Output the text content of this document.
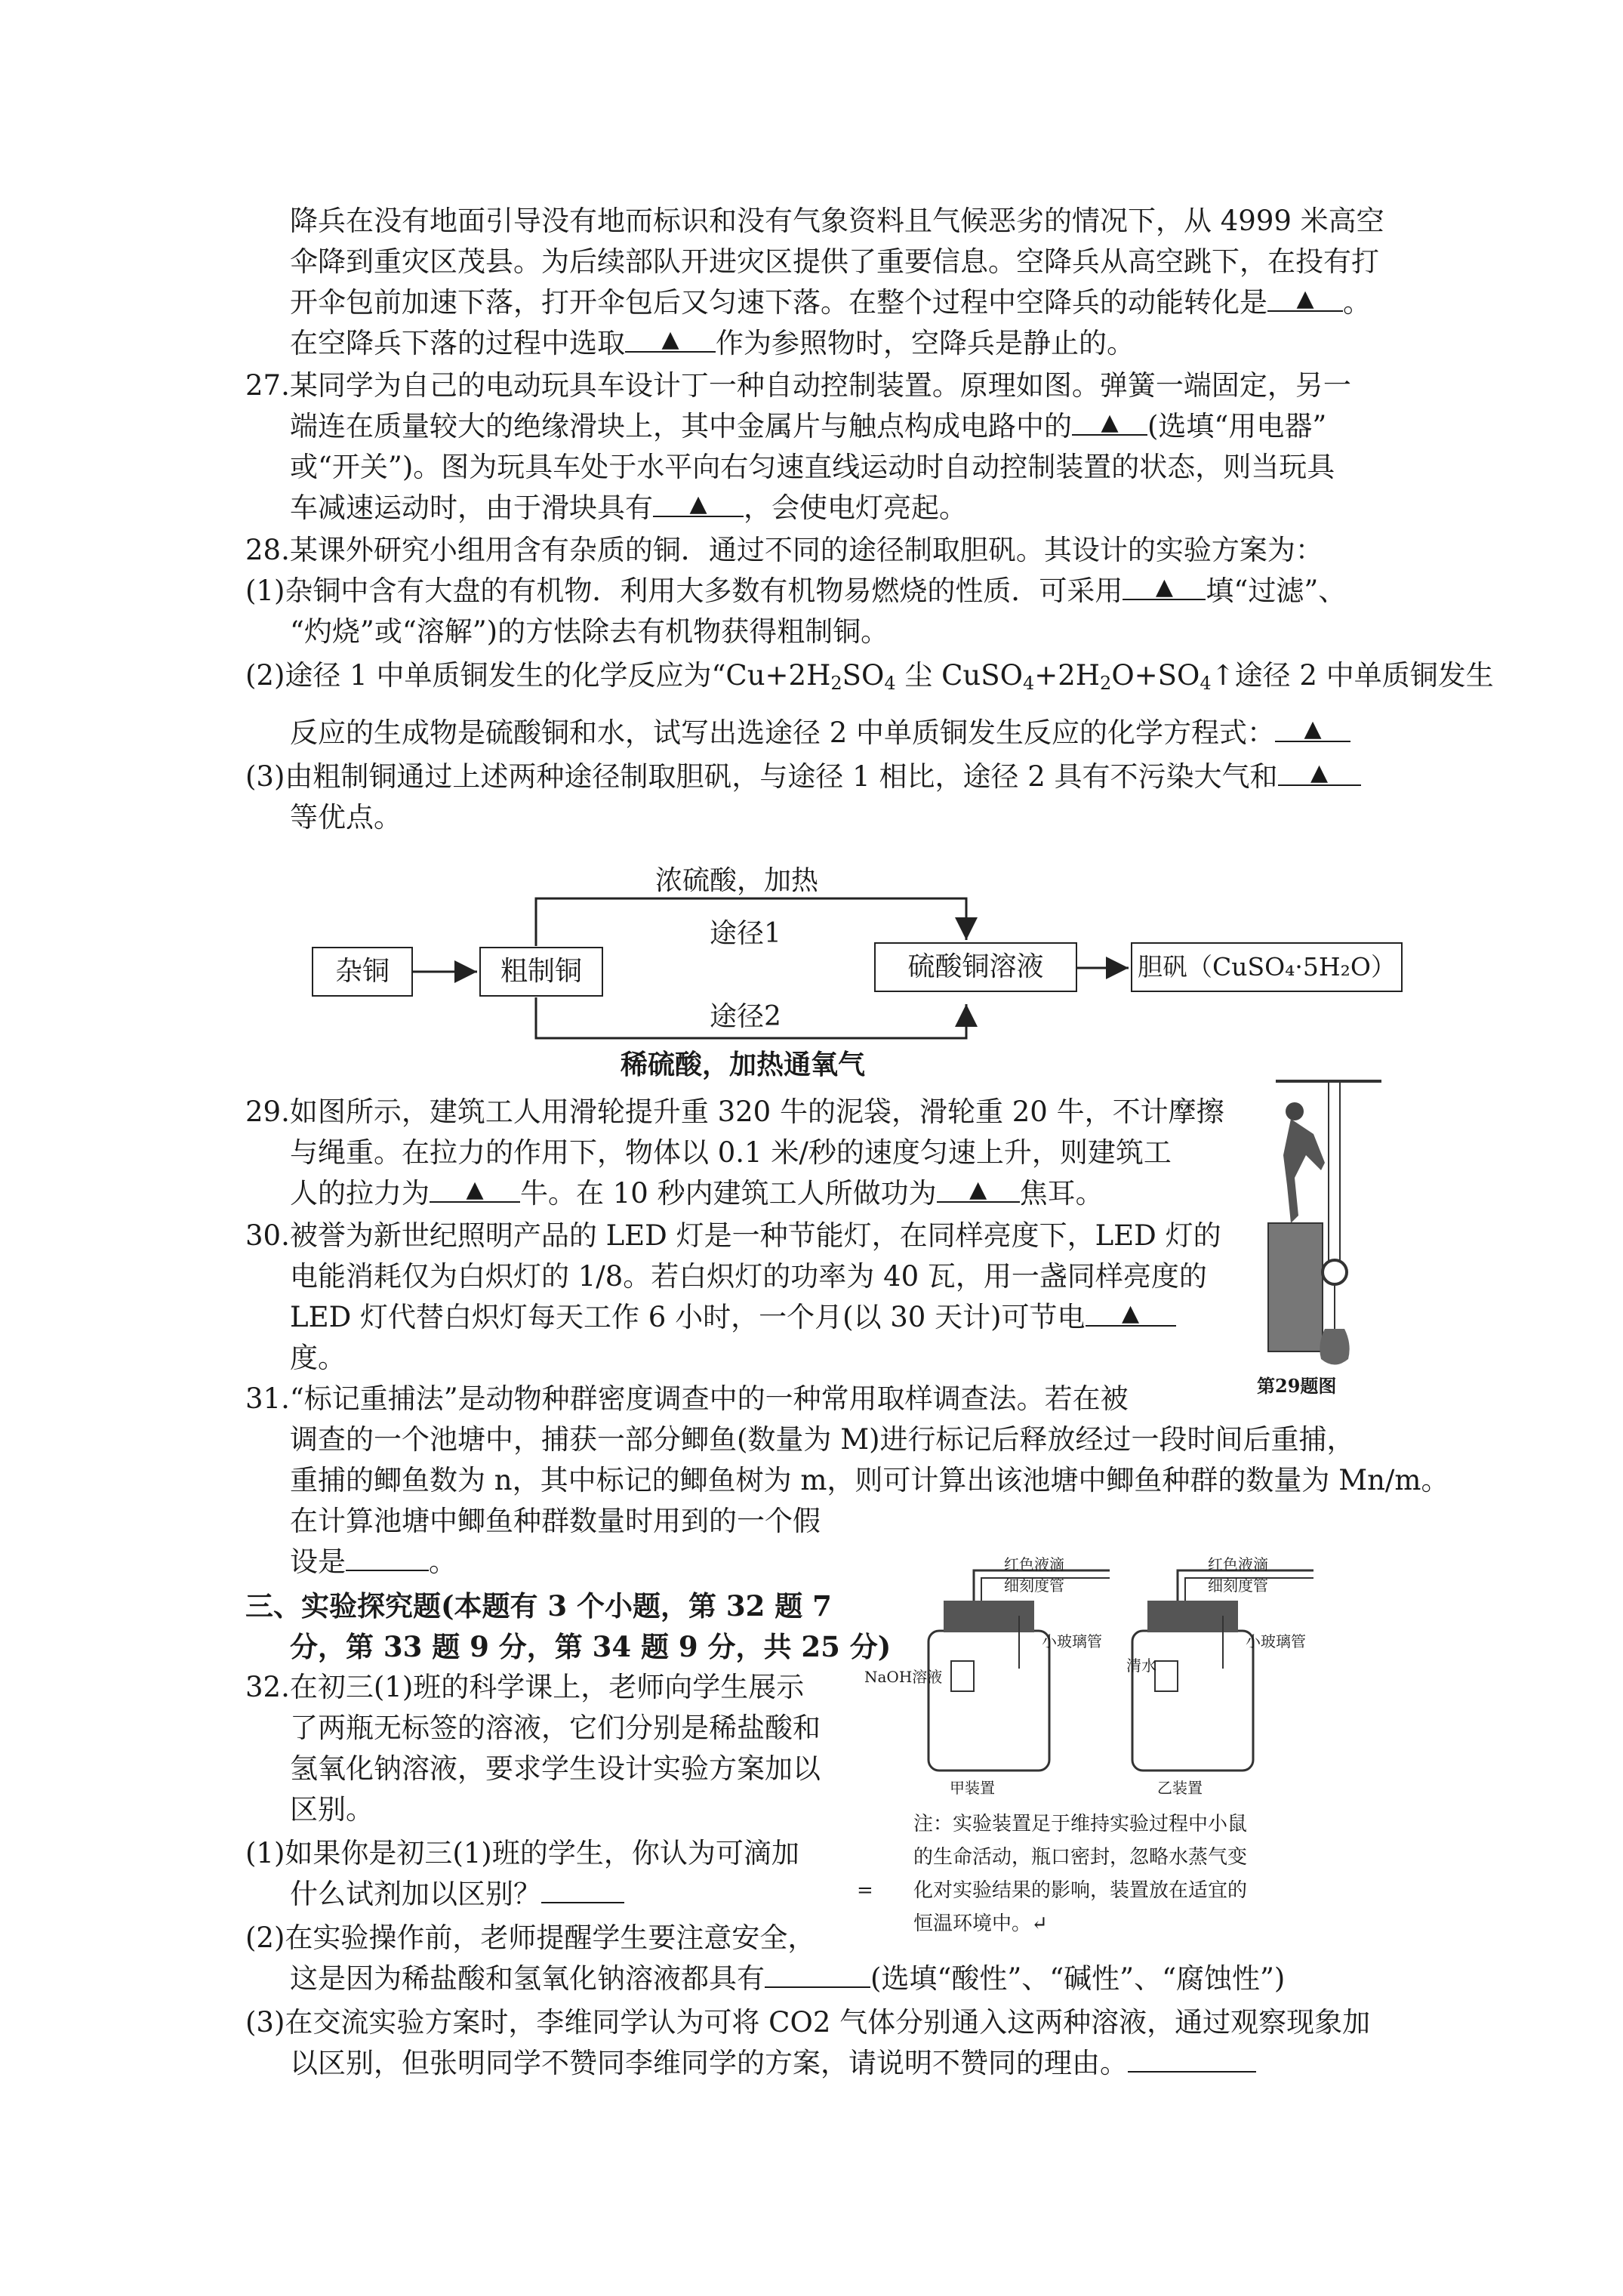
降兵在没有地面引导没有地而标识和没有气象资料且气候恶劣的情况下，从 4999 米高空
伞降到重灾区茂县。为后续部队开进灾区提供了重要信息。空降兵从高空跳下，在投有打
开伞包前加速下落，打开伞包后又匀速下落。在整个过程中空降兵的动能转化是	▲	。
在空降兵下落的过程中选取	▲	作为参照物时，空降兵是静止的。
27.某同学为自己的电动玩具车设计丁一种自动控制装置。原理如图。弹簧一端固定，另一
端连在质量较大的绝缘滑块上，其中金属片与触点构成电路中的	▲	(选填“用电器”
或“开关”)。图为玩具车处于水平向右匀速直线运动时自动控制装置的状态，则当玩具
车减速运动时，由于滑块具有	▲	，会使电灯亮起。
28.某课外研究小组用含有杂质的铜．通过不同的途径制取胆矾。其设计的实验方案为：
(1)杂铜中含有大盘的有机物．利用大多数有机物易燃烧的性质．可采用	▲	填“过滤”、
“灼烧”或“溶解”)的方怯除去有机物获得粗制铜。
(2)途径 1 中单质铜发生的化学反应为“$Cu+2H_2SO_4$ 尘 $CuSO_4+2H_2O+SO_4↑$途径 2 中单质铜发生
反应的生成物是硫酸铜和水，试写出选途径 2 中单质铜发生反应的化学方程式：	▲
(3)由粗制铜通过上述两种途径制取胆矾，与途径 1 相比，途径 2 具有不污染大气和	▲
等优点。
浓硫酸，加热
途径1
途径2
稀硫酸，加热通氧气
杂铜	粗制铜	硫酸铜溶液	胆矾（CuSO₄·5H₂O）
29.如图所示，建筑工人用滑轮提升重 320 牛的泥袋，滑轮重 20 牛，不计摩擦
与绳重。在拉力的作用下，物体以 0.1 米/秒的速度匀速上升，则建筑工
人的拉力为	▲	牛。在 10 秒内建筑工人所做功为	▲	焦耳。
第29题图
30.被誉为新世纪照明产品的 LED 灯是一种节能灯，在同样亮度下，LED 灯的
电能消耗仅为白炽灯的 1/8。若白炽灯的功率为 40 瓦，用一盏同样亮度的
LED 灯代替白炽灯每天工作 6 小时，一个月(以 30 天计)可节电	▲
度。
31.“标记重捕法”是动物种群密度调查中的一种常用取样调查法。若在被
调查的一个池塘中，捕获一部分鲫鱼(数量为 M)进行标记后释放经过一段时间后重捕，
重捕的鲫鱼数为 n，其中标记的鲫鱼树为 m，则可计算出该池塘中鲫鱼种群的数量为 Mn/m。
在计算池塘中鲫鱼种群数量时用到的一个假
设是	。
三、实验探究题(本题有 3 个小题，第 32 题 7
分，第 33 题 9 分，第 34 题 9 分，共 25 分)
32.在初三(1)班的科学课上，老师向学生展示
了两瓶无标签的溶液，它们分别是稀盐酸和
氢氧化钠溶液，要求学生设计实验方案加以
区别。
(1)如果你是初三(1)班的学生，你认为可滴加
什么试剂加以区别？
(2)在实验操作前，老师提醒学生要注意安全，
这是因为稀盐酸和氢氧化钠溶液都具有	(选填“酸性”、“碱性”、“腐蚀性”)
(3)在交流实验方案时，李维同学认为可将 CO2 气体分别通入这两种溶液，通过观察现象加
以区别，但张明同学不赞同李维同学的方案，请说明不赞同的理由。
红色液滴
细刻度管
小玻璃管
NaOH溶液
红色液滴
细刻度管
小玻璃管
清水
甲装置	乙装置
注：实验装置足于维持实验过程中小鼠
的生命活动，瓶口密封，忽略水蒸气变
化对实验结果的影响，装置放在适宜的
恒温环境中。↵
=
